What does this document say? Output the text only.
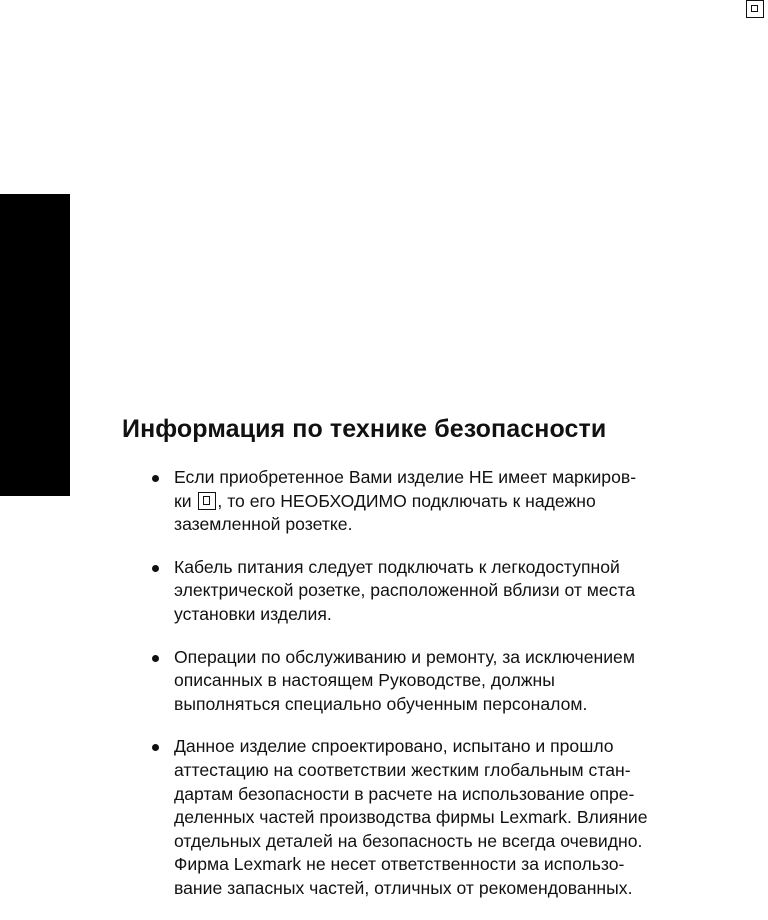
Информация по технике безопасности
Если приобретенное Вами изделие НЕ имеет маркиров-
ки
, то его НЕОБХОДИМО подключать к надежно
заземленной розетке.
Кабель питания следует подключать к легкодоступной
электрической розетке, расположенной вблизи от места
установки изделия.
Операции по обслуживанию и ремонту, за исключением
описанных в настоящем Руководстве, должны
выполняться специально обученным персоналом.
Данное изделие спроектировано, испытано и прошло
аттестацию на соответствии жестким глобальным стан-
дартам безопасности в расчете на использование опре-
деленных частей производства фирмы Lexmark. Влияние
отдельных деталей на безопасность не всегда очевидно.
Фирма Lexmark не несет ответственности за использо-
вание запасных частей, отличных от рекомендованных.
